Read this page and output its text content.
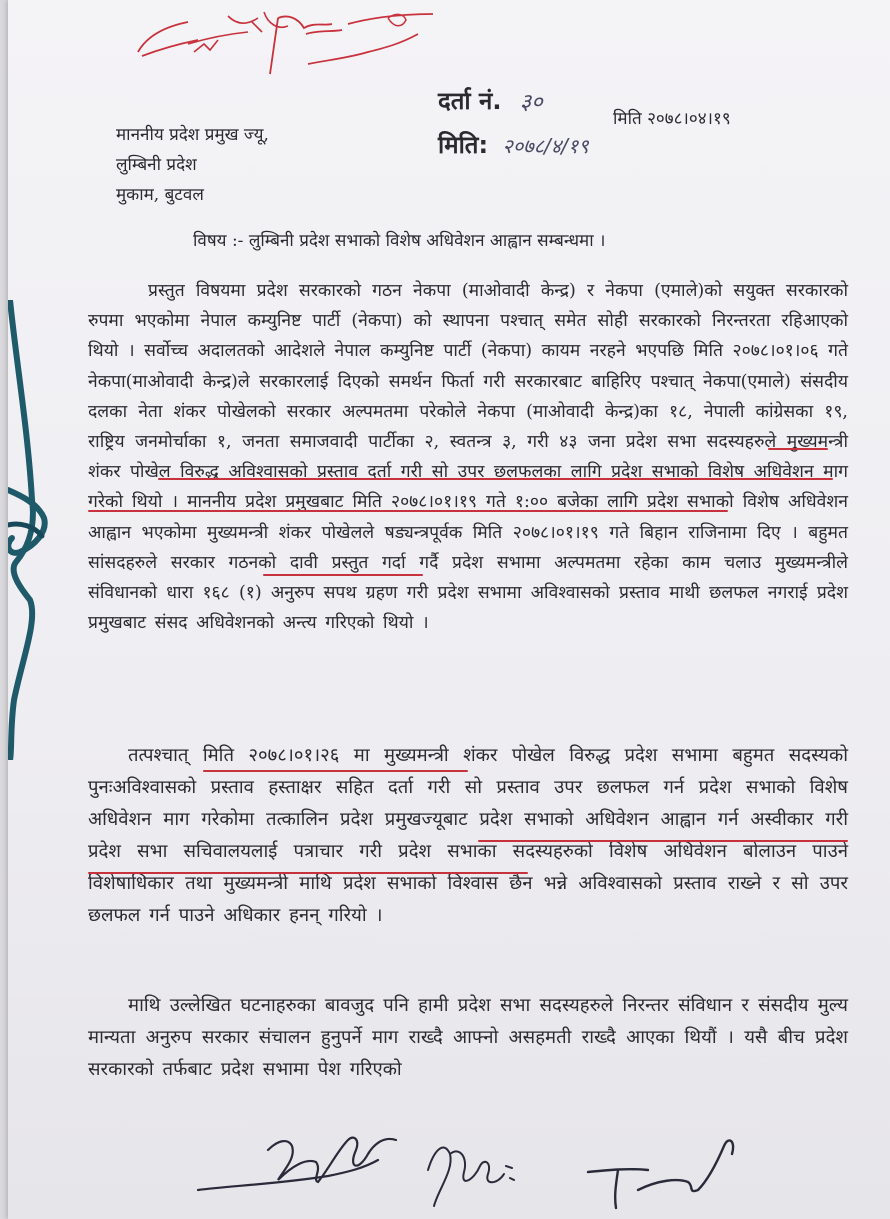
दर्ता नं. ३०
मिति: २०७८/४/१९
मिति २०७८।०४।१९
माननीय प्रदेश प्रमुख ज्यू,
लुम्बिनी प्रदेश
मुकाम, बुटवल
विषय :- लुम्बिनी प्रदेश सभाको विशेष अधिवेशन आह्वान सम्बन्धमा ।
प्रस्तुत विषयमा प्रदेश सरकारको गठन नेकपा (माओवादी केन्द्र) र नेकपा (एमाले)को सयुक्त सरकारको रुपमा भएकोमा नेपाल कम्युनिष्ट पार्टी (नेकपा) को स्थापना पश्चात् समेत सोही सरकारको निरन्तरता रहिआएको थियो । सर्वोच्च अदालतको आदेशले नेपाल कम्युनिष्ट पार्टी (नेकपा) कायम नरहने भएपछि मिति २०७८।०१।०६ गते नेकपा(माओवादी केन्द्र)ले सरकारलाई दिएको समर्थन फिर्ता गरी सरकारबाट बाहिरिए पश्चात् नेकपा(एमाले) संसदीय दलका नेता शंकर पोखेलको सरकार अल्पमतमा परेकोले नेकपा (माओवादी केन्द्र)का १८, नेपाली कांग्रेसका १९, राष्ट्रिय जनमोर्चाका १, जनता समाजवादी पार्टीका २, स्वतन्त्र ३, गरी ४३ जना प्रदेश सभा सदस्यहरुले मुख्यमन्त्री शंकर पोखेल विरुद्ध अविश्वासको प्रस्ताव दर्ता गरी सो उपर छलफलका लागि प्रदेश सभाको विशेष अधिवेशन माग गरेको थियो । माननीय प्रदेश प्रमुखबाट मिति २०७८।०१।१९ गते १:०० बजेका लागि प्रदेश सभाको विशेष अधिवेशन आह्वान भएकोमा मुख्यमन्त्री शंकर पोखेलले षड्यन्त्रपूर्वक मिति २०७८।०१।१९ गते बिहान राजिनामा दिए । बहुमत सांसदहरुले सरकार गठनको दावी प्रस्तुत गर्दा गर्दै प्रदेश सभामा अल्पमतमा रहेका काम चलाउ मुख्यमन्त्रीले संविधानको धारा १६८ (१) अनुरुप सपथ ग्रहण गरी प्रदेश सभामा अविश्वासको प्रस्ताव माथी छलफल नगराई प्रदेश प्रमुखबाट संसद अधिवेशनको अन्त्य गरिएको थियो ।
तत्पश्चात् मिति २०७८।०१।२६ मा मुख्यमन्त्री शंकर पोखेल विरुद्ध प्रदेश सभामा बहुमत सदस्यको पुनःअविश्वासको प्रस्ताव हस्ताक्षर सहित दर्ता गरी सो प्रस्ताव उपर छलफल गर्न प्रदेश सभाको विशेष अधिवेशन माग गरेकोमा तत्कालिन प्रदेश प्रमुखज्यूबाट प्रदेश सभाको अधिवेशन आह्वान गर्न अस्वीकार गरी प्रदेश सभा सचिवालयलाई पत्राचार गरी प्रदेश सभाका सदस्यहरुको विशेष अधिवेशन बोलाउन पाउने विशेषाधिकार तथा मुख्यमन्त्री माथि प्रदेश सभाको विश्वास छैन भन्ने अविश्वासको प्रस्ताव राख्ने र सो उपर छलफल गर्न पाउने अधिकार हनन् गरियो ।
माथि उल्लेखित घटनाहरुका बावजुद पनि हामी प्रदेश सभा सदस्यहरुले निरन्तर संविधान र संसदीय मुल्य मान्यता अनुरुप सरकार संचालन हुनुपर्ने माग राख्दै आफ्नो असहमती राख्दै आएका थियौं । यसै बीच प्रदेश सरकारको तर्फबाट प्रदेश सभामा पेश गरिएको
